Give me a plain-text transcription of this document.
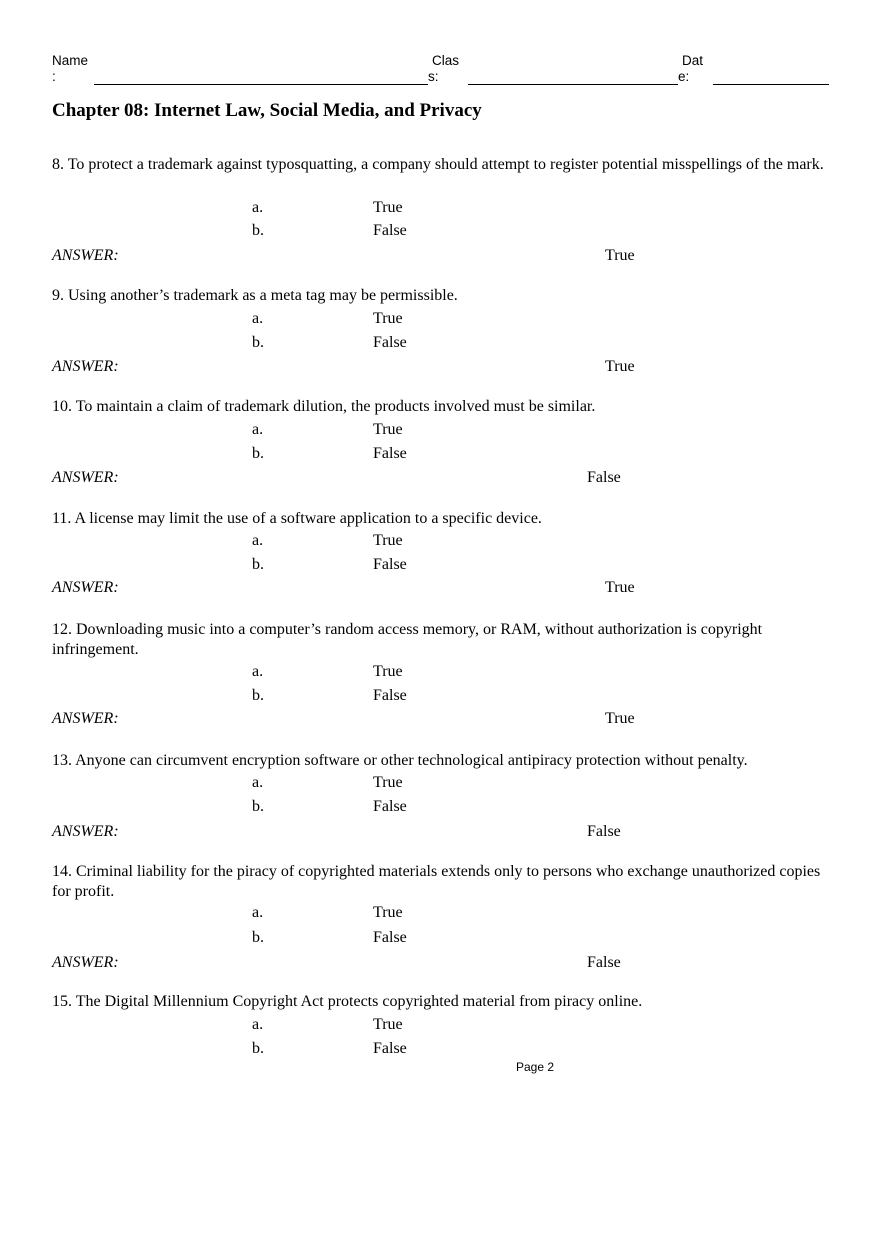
Name
:
Clas
s:
Dat
e:
Chapter 08: Internet Law, Social Media, and Privacy
8. To protect a trademark against typosquatting, a company should attempt to register potential misspellings of the mark.
a.	True
b.	False
ANSWER:	True
9. Using another’s trademark as a meta tag may be permissible.
a.	True
b.	False
ANSWER:	True
10. To maintain a claim of trademark dilution, the products involved must be similar.
a.	True
b.	False
ANSWER:	False
11. A license may limit the use of a software application to a specific device.
a.	True
b.	False
ANSWER:	True
12. Downloading music into a computer’s random access memory, or RAM, without authorization is copyright infringement.
a.	True
b.	False
ANSWER:	True
13. Anyone can circumvent encryption software or other technological antipiracy protection without penalty.
a.	True
b.	False
ANSWER:	False
14. Criminal liability for the piracy of copyrighted materials extends only to persons who exchange unauthorized copies for profit.
a.	True
b.	False
ANSWER:	False
15. The Digital Millennium Copyright Act protects copyrighted material from piracy online.
a.	True
b.	False
Page 2
